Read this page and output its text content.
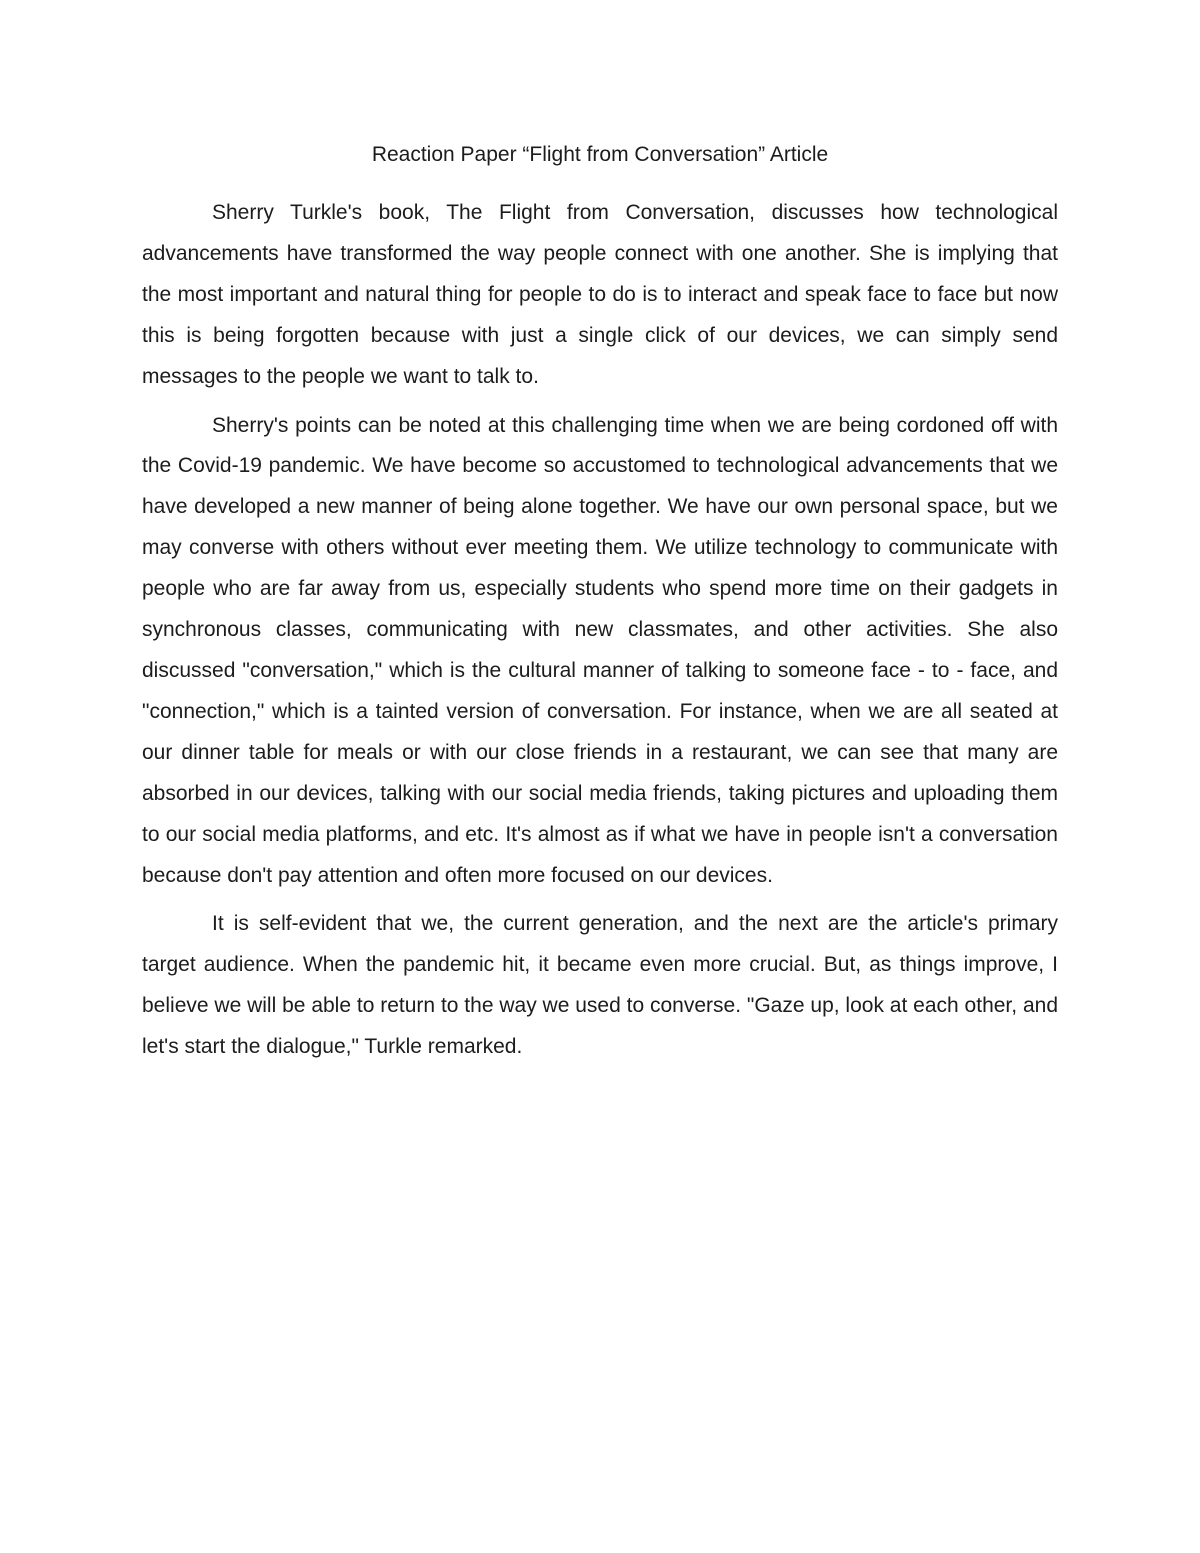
Reaction Paper “Flight from Conversation” Article

Sherry Turkle's book, The Flight from Conversation, discusses how technological advancements have transformed the way people connect with one another. She is implying that the most important and natural thing for people to do is to interact and speak face to face but now this is being forgotten because with just a single click of our devices, we can simply send messages to the people we want to talk to.

Sherry's points can be noted at this challenging time when we are being cordoned off with the Covid-19 pandemic. We have become so accustomed to technological advancements that we have developed a new manner of being alone together. We have our own personal space, but we may converse with others without ever meeting them. We utilize technology to communicate with people who are far away from us, especially students who spend more time on their gadgets in synchronous classes, communicating with new classmates, and other activities. She also discussed "conversation," which is the cultural manner of talking to someone face - to - face, and "connection," which is a tainted version of conversation. For instance, when we are all seated at our dinner table for meals or with our close friends in a restaurant, we can see that many are absorbed in our devices, talking with our social media friends, taking pictures and uploading them to our social media platforms, and etc. It's almost as if what we have in people isn't a conversation because don't pay attention and often more focused on our devices.

It is self-evident that we, the current generation, and the next are the article's primary target audience. When the pandemic hit, it became even more crucial. But, as things improve, I believe we will be able to return to the way we used to converse. "Gaze up, look at each other, and let's start the dialogue," Turkle remarked.
